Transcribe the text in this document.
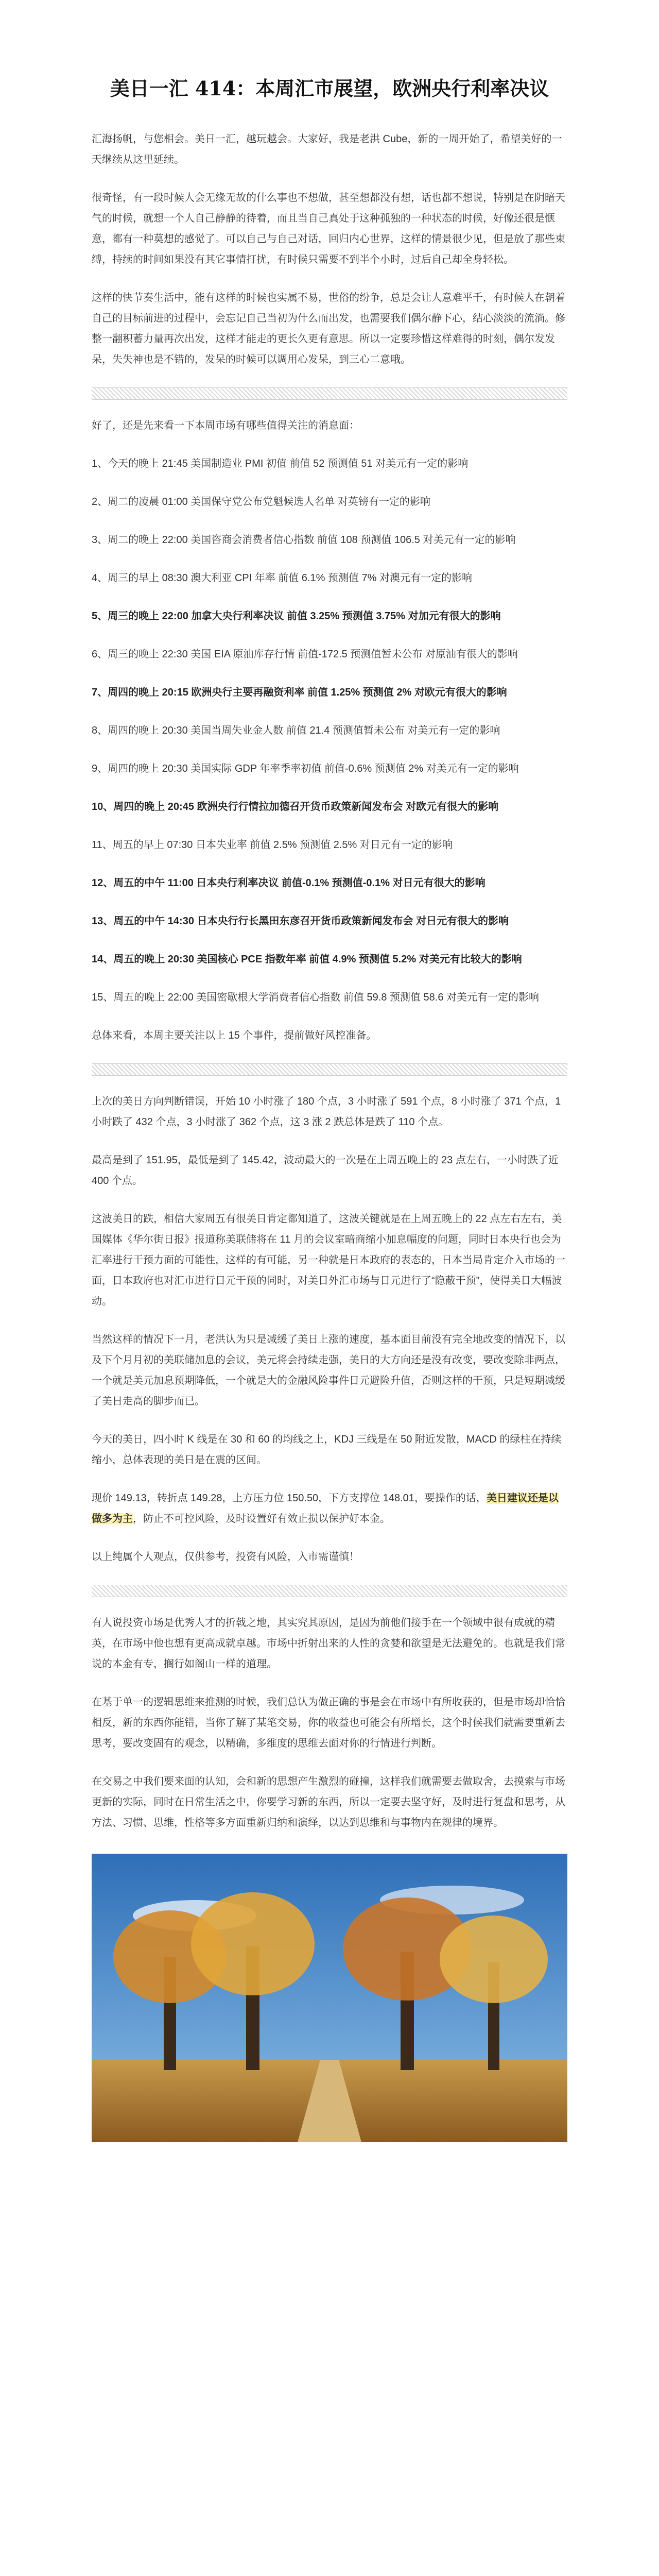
美日一汇 414：本周汇市展望，欧洲央行利率决议

汇海扬帆，与您相会。美日一汇，越玩越会。大家好，我是老洪 Cube，新的一周开始了，希望美好的一天继续从这里延续。

很奇怪，有一段时候人会无缘无故的什么事也不想做，甚至想都没有想，话也都不想说，特别是在阴暗天气的时候，就想一个人自己静静的待着，而且当自己真处于这种孤独的一种状态的时候，好像还很是惬意，都有一种莫想的感觉了。可以自己与自己对话，回归内心世界，这样的情景很少见，但是放了那些束缚，持续的时间如果没有其它事情打扰，有时候只需要不到半个小时，过后自己却全身轻松。

这样的快节奏生活中，能有这样的时候也实属不易，世俗的纷争，总是会让人意难平千，有时候人在朝着自己的目标前进的过程中，会忘记自己当初为什么而出发，也需要我们偶尔静下心，结心淡淡的流淌。修整一翻积蓄力量再次出发，这样才能走的更长久更有意思。所以一定要珍惜这样难得的时刻，偶尔发发呆，失失神也是不错的，发呆的时候可以调用心发呆，到三心二意哦。

好了，还是先来看一下本周市场有哪些值得关注的消息面：

1、今天的晚上 21:45 美国制造业 PMI 初值 前值 52 预测值 51 对美元有一定的影响

2、周二的凌晨 01:00 美国保守党公布党魁候选人名单 对英镑有一定的影响

3、周二的晚上 22:00 美国咨商会消费者信心指数 前值 108 预测值 106.5 对美元有一定的影响

4、周三的早上 08:30 澳大利亚 CPI 年率 前值 6.1% 预测值 7% 对澳元有一定的影响

5、周三的晚上 22:00 加拿大央行利率决议 前值 3.25% 预测值 3.75% 对加元有很大的影响

6、周三的晚上 22:30 美国 EIA 原油库存行情 前值-172.5 预测值暂未公布 对原油有很大的影响

7、周四的晚上 20:15 欧洲央行主要再融资利率 前值 1.25% 预测值 2% 对欧元有很大的影响

8、周四的晚上 20:30 美国当周失业金人数 前值 21.4 预测值暂未公布 对美元有一定的影响

9、周四的晚上 20:30 美国实际 GDP 年率季率初值 前值-0.6% 预测值 2% 对美元有一定的影响

10、周四的晚上 20:45 欧洲央行行情拉加德召开货币政策新闻发布会 对欧元有很大的影响

11、周五的早上 07:30 日本失业率 前值 2.5% 预测值 2.5% 对日元有一定的影响

12、周五的中午 11:00 日本央行利率决议 前值-0.1% 预测值-0.1% 对日元有很大的影响

13、周五的中午 14:30 日本央行行长黑田东彦召开货币政策新闻发布会 对日元有很大的影响

14、周五的晚上 20:30 美国核心 PCE 指数年率 前值 4.9% 预测值 5.2% 对美元有比较大的影响

15、周五的晚上 22:00 美国密歇根大学消费者信心指数 前值 59.8 预测值 58.6 对美元有一定的影响

总体来看，本周主要关注以上 15 个事件，提前做好风控准备。

上次的美日方向判断错误，开始 10 小时涨了 180 个点，3 小时涨了 591 个点，8 小时涨了 371 个点，1 小时跌了 432 个点，3 小时涨了 362 个点，这 3 涨 2 跌总体是跌了 110 个点。

最高是到了 151.95，最低是到了 145.42，波动最大的一次是在上周五晚上的 23 点左右，一小时跌了近 400 个点。

这波美日的跌，相信大家周五有很美日肯定都知道了，这波关键就是在上周五晚上的 22 点左右左右，美国媒体《华尔街日报》报道称美联储将在 11 月的会议室暗商缩小加息幅度的问题，同时日本央行也会为汇率进行干预力面的可能性，这样的有可能，另一种就是日本政府的表态的，日本当局肯定介入市场的一面，日本政府也对汇市进行日元干预的同时，对美日外汇市场与日元进行了“隐蔽干预”，使得美日大幅波动。

当然这样的情况下一月，老洪认为只是减缓了美日上涨的速度，基本面目前没有完全地改变的情况下，以及下个月月初的美联储加息的会议，美元将会持续走强，美日的大方向还是没有改变，要改变除非两点，一个就是美元加息预期降低，一个就是大的金融风险事件日元避险升值，否则这样的干预，只是短期减缓了美日走高的脚步而已。

今天的美日，四小时 K 线是在 30 和 60 的均线之上，KDJ 三线是在 50 附近发散，MACD 的绿柱在持续缩小，总体表现的美日是在震的区间。

现价 149.13，转折点 149.28，上方压力位 150.50，下方支撑位 148.01，要操作的话，美日建议还是以做多为主，防止不可控风险，及时设置好有效止损以保护好本金。

以上纯属个人观点，仅供参考，投资有风险，入市需谨慎！

有人说投资市场是优秀人才的折戟之地，其实究其原因，是因为前他们接手在一个领域中很有成就的精英，在市场中他也想有更高成就卓越。市场中折射出来的人性的贪婪和欲望是无法避免的。也就是我们常说的本金有专，搁行如阁山一样的道理。

在基于单一的逻辑思维来推测的时候，我们总认为做正确的事是会在市场中有所收获的，但是市场却恰恰相反，新的东西你能错，当你了解了某笔交易，你的收益也可能会有所增长，这个时候我们就需要重新去思考，要改变固有的观念，以精确，多维度的思维去面对你的行情进行判断。

在交易之中我们要来面的认知，会和新的思想产生激烈的碰撞，这样我们就需要去做取舍，去摸索与市场更新的实际，同时在日常生活之中，你要学习新的东西，所以一定要去坚守好，及时进行复盘和思考，从方法、习惯、思维，性格等多方面重新归纳和演绎，以达到思维和与事物内在规律的境界。
